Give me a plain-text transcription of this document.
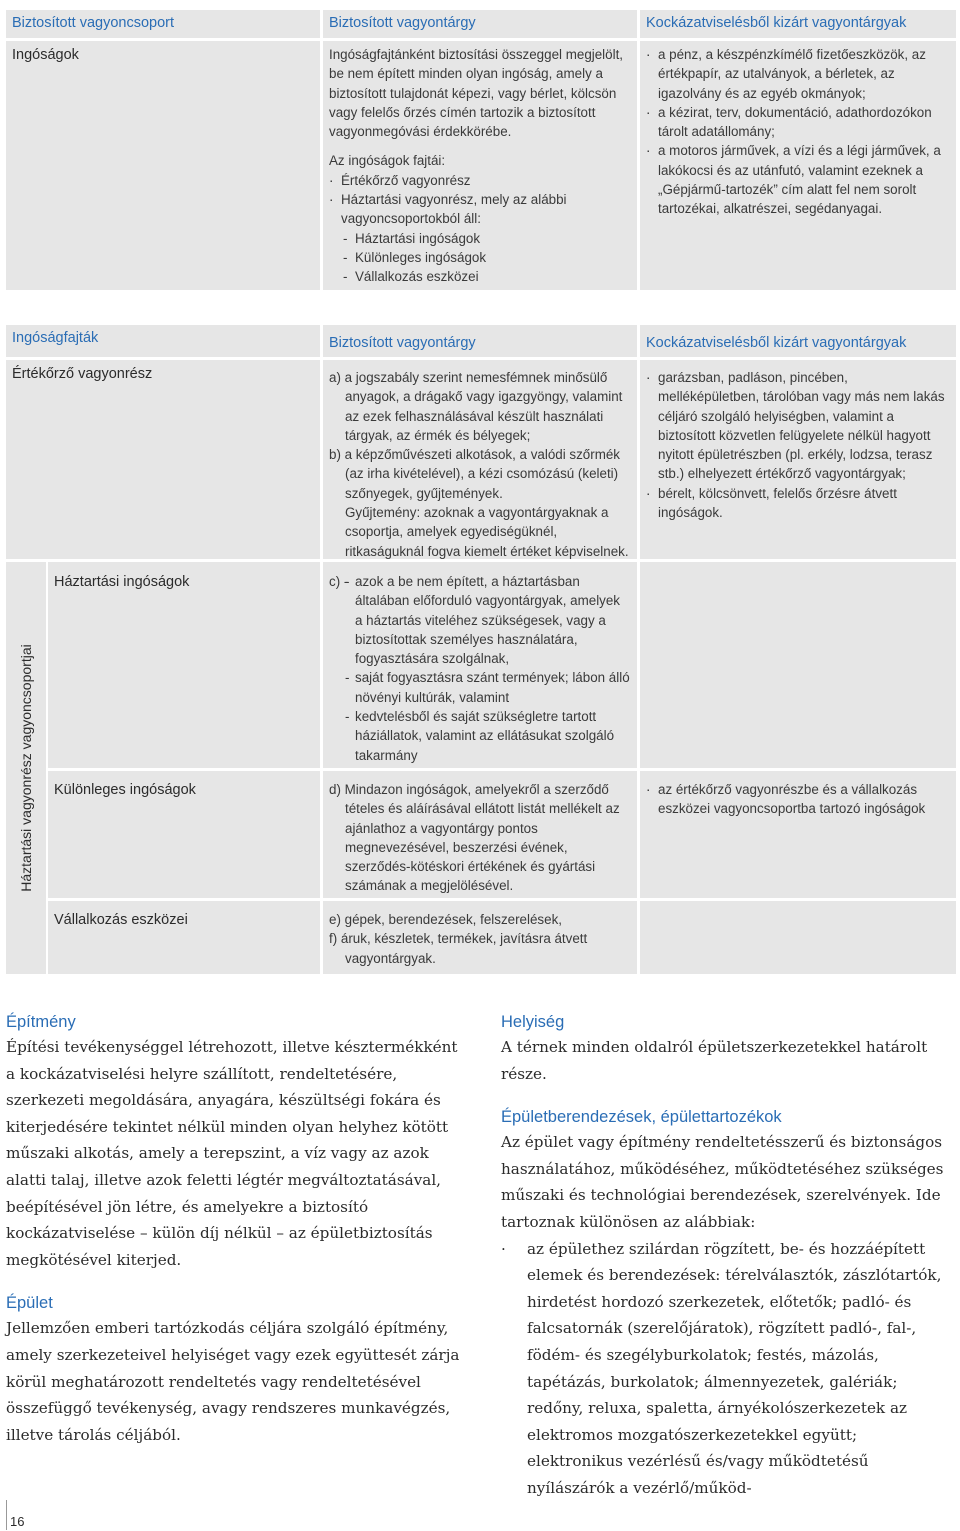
Biztosított vagyoncsoport	Biztosított vagyontárgy	Kockázatviselésből kizárt vagyontárgyak
Ingóságok	Ingóságfajtánként biztosítási összeggel megjelölt, be nem épített minden olyan ingóság, amely a biztosított tulajdonát képezi, vagy bérlet, kölcsön vagy felelős őrzés címén tartozik a biztosított vagyonmegóvási érdekkörébe.

Az ingóságok fajtái:

· Értékőrző vagyonrész
· Háztartási vagyonrész, mely az alábbi vagyoncsoportokból áll:
- Háztartási ingóságok
- Különleges ingóságok
- Vállalkozás eszközei
· a pénz, a készpénzkímélő fizetőeszközök, az értékpapír, az utalványok, a bérletek, az igazolvány és az egyéb okmányok;
· a kézirat, terv, dokumentáció, adathordozókon tárolt adatállomány;
· a motoros járművek, a vízi és a légi járművek, a lakókocsi és az utánfutó, valamint ezeknek a „Gépjármű-tartozék” cím alatt fel nem sorolt tartozékai, alkatrészei, segédanyagai.
Ingóságfajták	Biztosított vagyontárgy	Kockázatviselésből kizárt vagyontárgyak
Értékőrző vagyonrész	a) a jogszabály szerint nemesfémnek minősülő anyagok, a drágakő vagy igazgyöngy, valamint az ezek felhasználásával készült használati tárgyak, az érmék és bélyegek;

b) a képzőművészeti alkotások, a valódi szőrmék (az irha kivételével), a kézi csomózású (keleti) szőnyegek, gyűjtemények.

Gyűjtemény: azoknak a vagyontárgyaknak a csoportja, amelyek egyediségüknél, ritkaságuknál fogva kiemelt értéket képviselnek.

· garázsban, padláson, pincében, melléképületben, tárolóban vagy más nem lakás céljáró szolgáló helyiségben, valamint a biztosított közvetlen felügyelete nélkül hagyott nyitott épületrészben (pl. erkély, lodzsa, terasz stb.) elhelyezett értékőrző vagyontárgyak;
· bérelt, kölcsönvett, felelős őrzésre átvett ingóságok.
Háztartási vagyonrész vagyoncsoportjai
Háztartási ingóságok	c) -
- azok a be nem épített, a háztartásban általában előforduló vagyontárgyak, amelyek a háztartás viteléhez szükségesek, vagy a biztosítottak személyes használatára, fogyasztására szolgálnak,
- saját fogyasztásra szánt termények; lábon álló növényi kultúrák, valamint
- kedvtelésből és saját szükségletre tartott háziállatok, valamint az ellátásukat szolgáló takarmány
Különleges ingóságok	d) Mindazon ingóságok, amelyekről a szerződő tételes és aláírásával ellátott listát mellékelt az ajánlathoz a vagyontárgy pontos megnevezésével, beszerzési évének, szerződés-kötéskori értékének és gyártási számának a megjelölésével.

· az értékőrző vagyonrészbe és a vállalkozás eszközei vagyoncsoportba tartozó ingóságok
Vállalkozás eszközei	e) gépek, berendezések, felszerelések,

f) áruk, készletek, termékek, javításra átvett vagyontárgyak.

Építmény

Építési tevékenységgel létrehozott, illetve késztermékként a kockázatviselési helyre szállított, rendeltetésére, szerkezeti megoldására, anyagára, készültségi fokára és kiterjedésére tekintet nélkül minden olyan helyhez kötött műszaki alkotás, amely a terepszint, a víz vagy az azok alatti talaj, illetve azok feletti légtér megváltoztatásával, beépítésével jön létre, és amelyekre a biztosító kockázatviselése – külön díj nélkül – az épületbiztosítás megkötésével kiterjed.

Épület

Jellemzően emberi tartózkodás céljára szolgáló építmény, amely szerkezeteivel helyiséget vagy ezek együttesét zárja körül meghatározott rendeltetés vagy rendeltetésével összefüggő tevékenység, avagy rendszeres munkavégzés, illetve tárolás céljából.

Helyiség

A térnek minden oldalról épületszerkezetekkel határolt része.

Épületberendezések, épülettartozékok

Az épület vagy építmény rendeltetésszerű és biztonságos használatához, működéséhez, működtetéséhez szükséges műszaki és technológiai berendezések, szerelvények. Ide tartoznak különösen az alábbiak:

· az épülethez szilárdan rögzített, be- és hozzáépített elemek és berendezések: térelválasztók, zászlótartók, hirdetést hordozó szerkezetek, előtetők; padló- és falcsatornák (szerelőjáratok), rögzített padló-, fal-, födém- és szegélyburkolatok; festés, mázolás, tapétázás, burkolatok; álmennyezetek, galériák; redőny, reluxa, spaletta, árnyékolószerkezetek az elektromos mozgatószerkezetekkel együtt; elektronikus vezérlésű és/vagy működtetésű nyílászárók a vezérlő/működ-
16
